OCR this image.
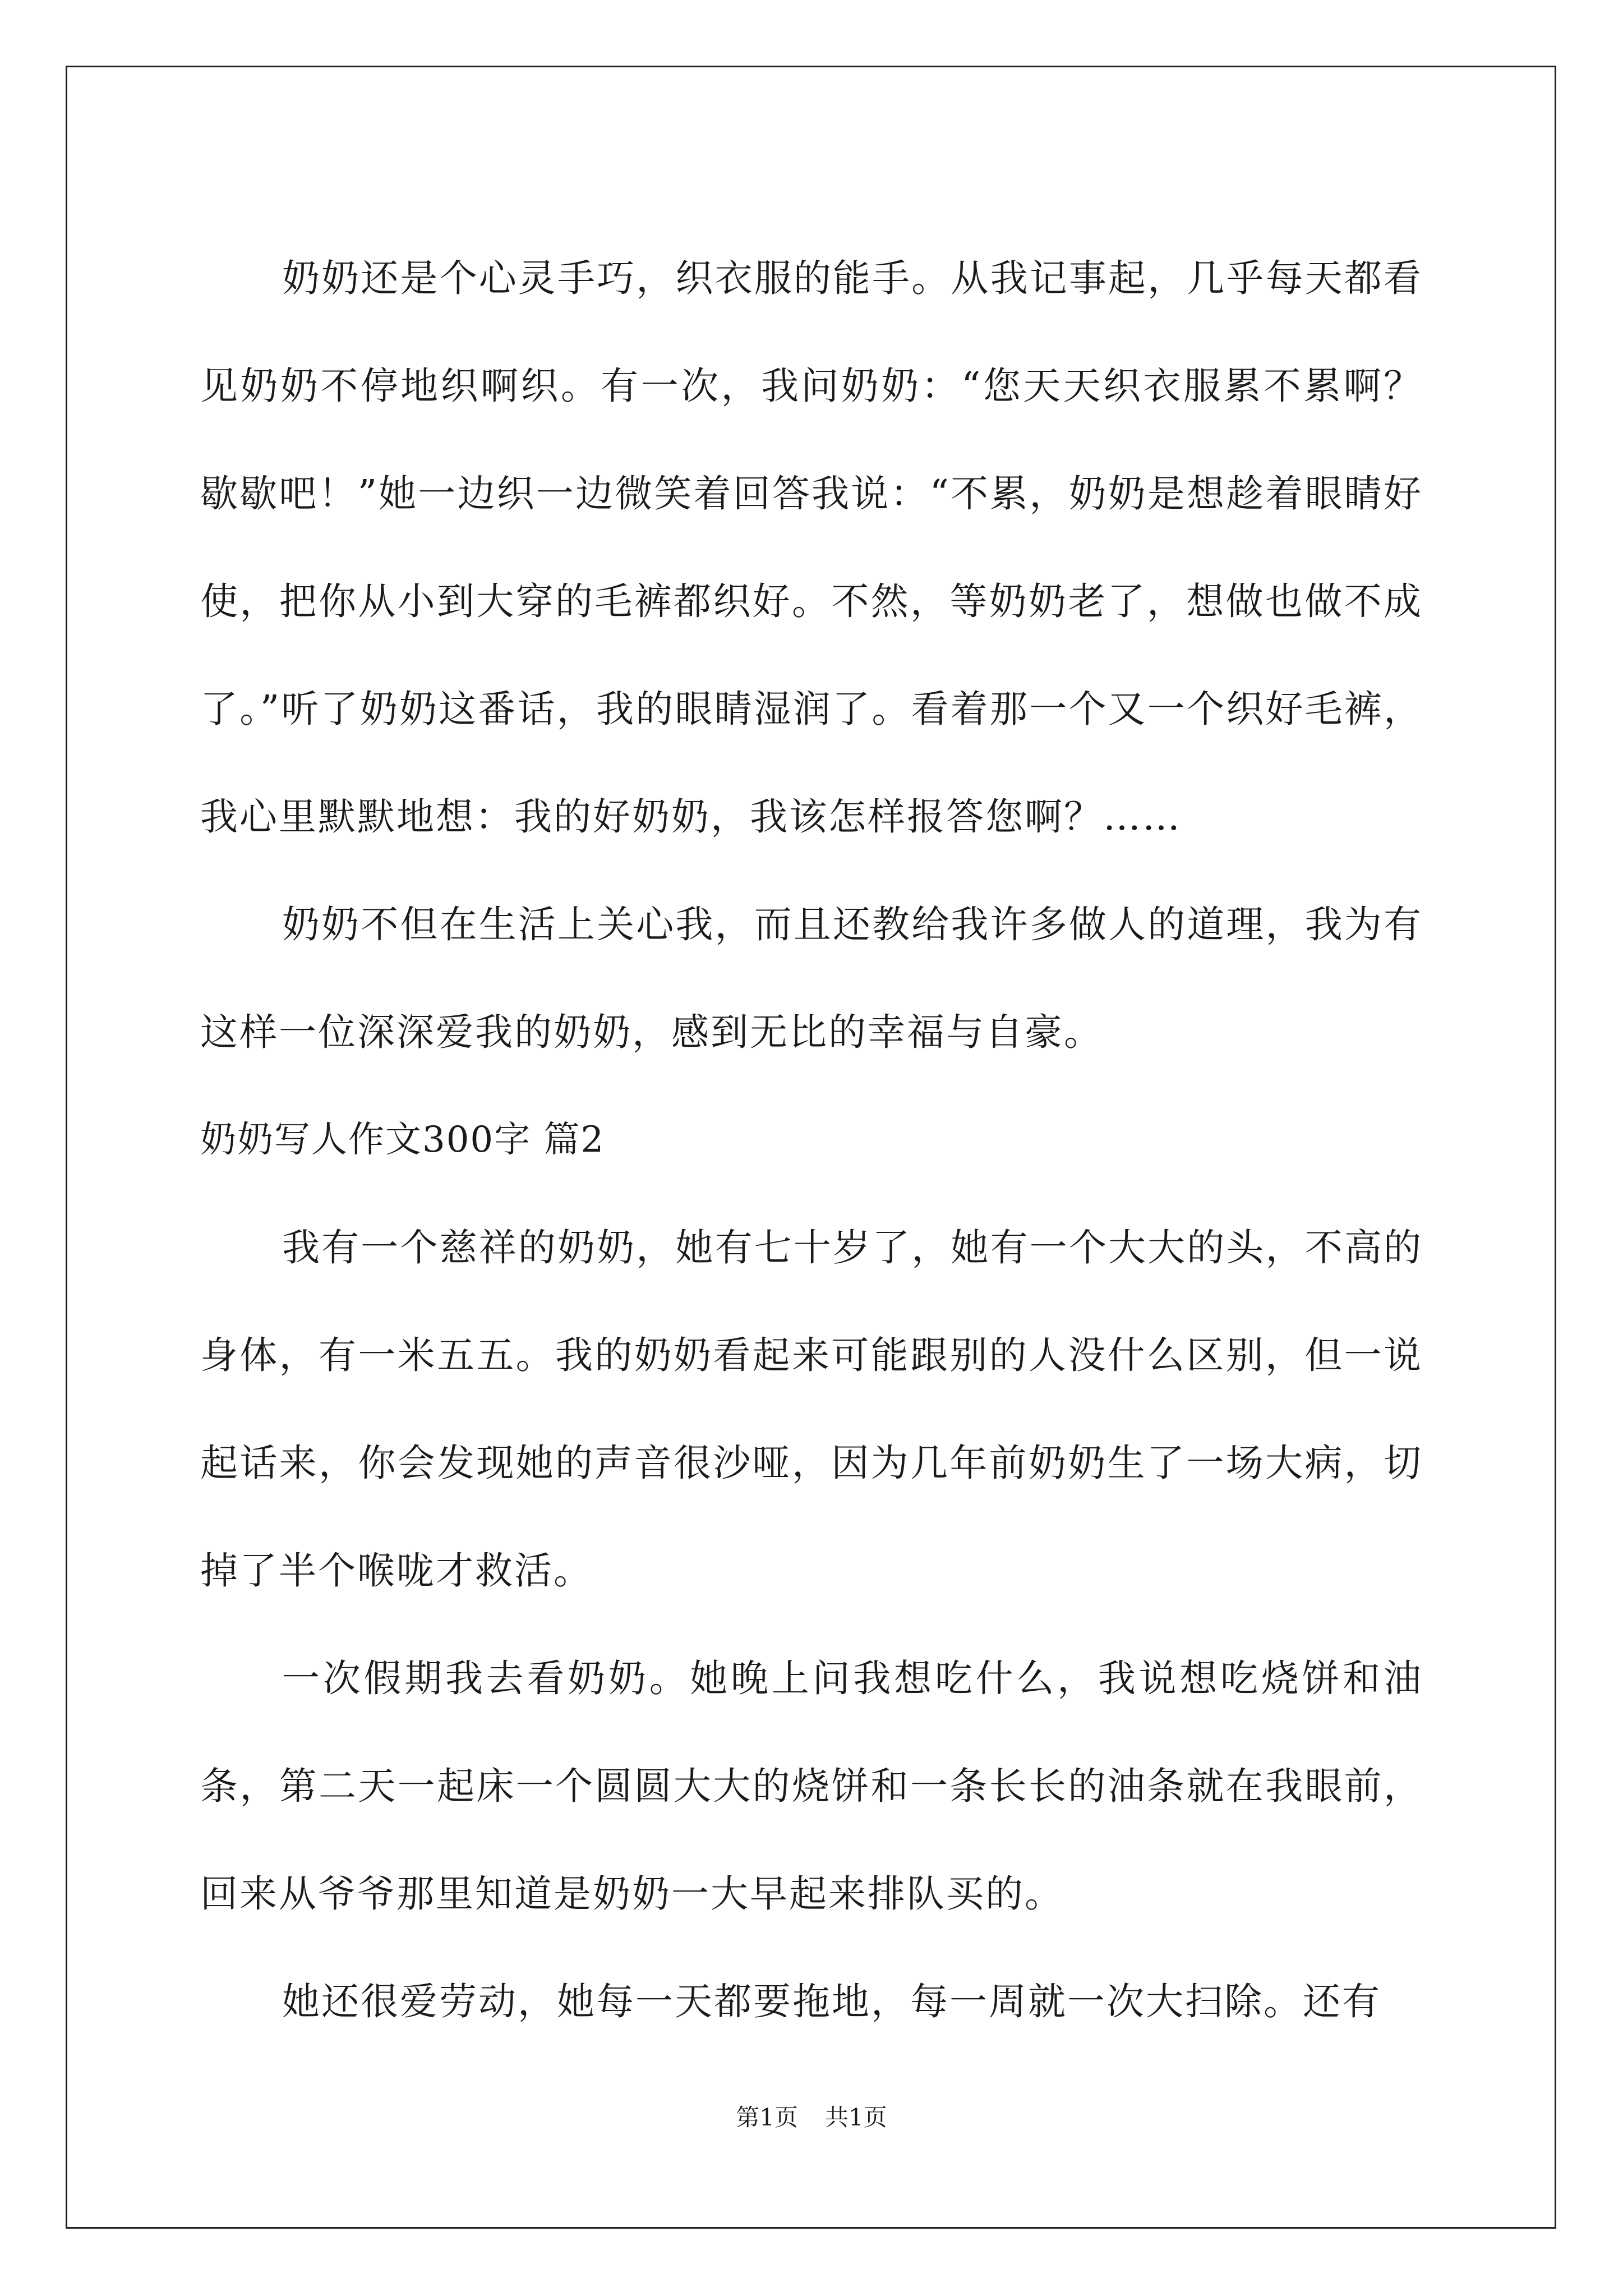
奶奶还是个心灵手巧，织衣服的能手。从我记事起，几乎每天都看见奶奶不停地织啊织。有一次，我问奶奶：“您天天织衣服累不累啊？歇歇吧！”她一边织一边微笑着回答我说：“不累，奶奶是想趁着眼睛好使，把你从小到大穿的毛裤都织好。不然，等奶奶老了，想做也做不成了。”听了奶奶这番话，我的眼睛湿润了。看着那一个又一个织好毛裤，我心里默默地想：我的好奶奶，我该怎样报答您啊？……

奶奶不但在生活上关心我，而且还教给我许多做人的道理，我为有这样一位深深爱我的奶奶，感到无比的幸福与自豪。

奶奶写人作文300字 篇2

我有一个慈祥的奶奶，她有七十岁了，她有一个大大的头，不高的身体，有一米五五。我的奶奶看起来可能跟别的人没什么区别，但一说起话来，你会发现她的声音很沙哑，因为几年前奶奶生了一场大病，切掉了半个喉咙才救活。

一次假期我去看奶奶。她晚上问我想吃什么，我说想吃烧饼和油条，第二天一起床一个圆圆大大的烧饼和一条长长的油条就在我眼前，回来从爷爷那里知道是奶奶一大早起来排队买的。

她还很爱劳动，她每一天都要拖地，每一周就一次大扫除。还有

第1页 共1页
